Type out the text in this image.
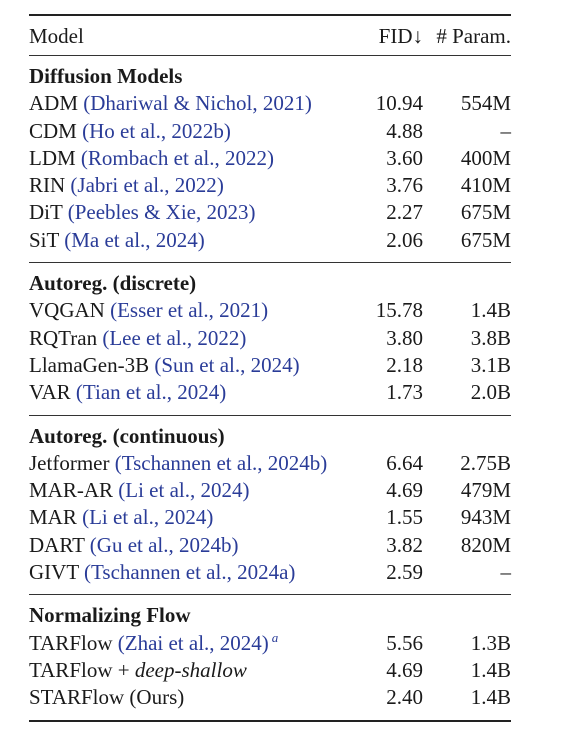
Model	FID↓ # Param.
Diffusion Models
ADM (Dhariwal & Nichol, 2021)	10.94 554M
CDM (Ho et al., 2022b)	4.88	–
LDM (Rombach et al., 2022)	3.60 400M
RIN (Jabri et al., 2022)	3.76 410M
DiT (Peebles & Xie, 2023)	2.27 675M
SiT (Ma et al., 2024)	2.06 675M
Autoreg. (discrete)
VQGAN (Esser et al., 2021)	15.78 1.4B
RQTran (Lee et al., 2022)	3.80 3.8B
LlamaGen-3B (Sun et al., 2024)	2.18 3.1B
VAR (Tian et al., 2024)	1.73 2.0B
Autoreg. (continuous)
Jetformer (Tschannen et al., 2024b)	6.64 2.75B
MAR-AR (Li et al., 2024)	4.69 479M
MAR (Li et al., 2024)	1.55 943M
DART (Gu et al., 2024b)	3.82 820M
GIVT (Tschannen et al., 2024a)	2.59	–
Normalizing Flow
TARFlow (Zhai et al., 2024) $^a$	5.56 1.3B
TARFlow + deep-shallow	4.69 1.4B
STARFlow (Ours)	2.40 1.4B
